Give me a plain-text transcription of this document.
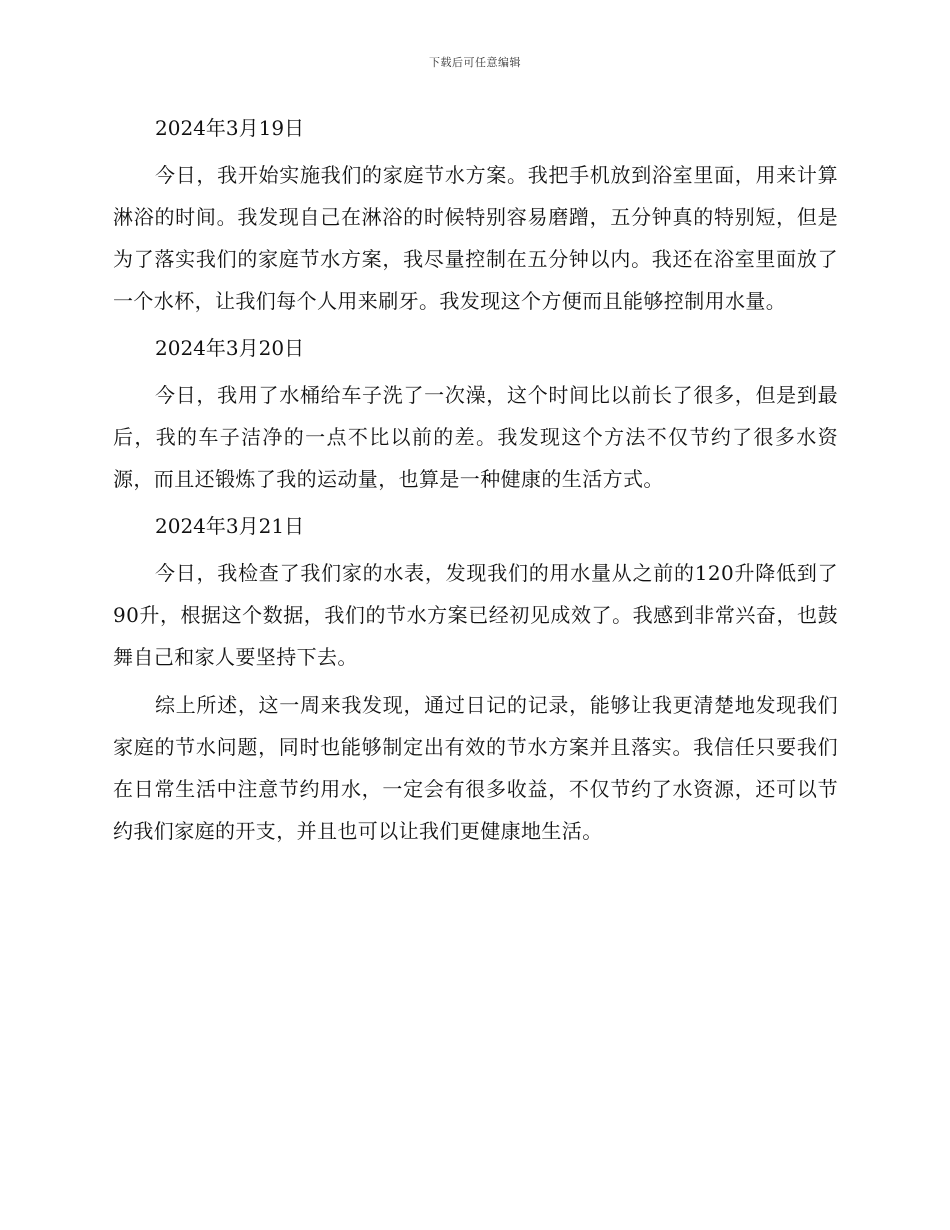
下载后可任意编辑
2024年3月19日

今日，我开始实施我们的家庭节水方案。我把手机放到浴室里面，用来计算淋浴的时间。我发现自己在淋浴的时候特别容易磨蹭，五分钟真的特别短，但是为了落实我们的家庭节水方案，我尽量控制在五分钟以内。我还在浴室里面放了一个水杯，让我们每个人用来刷牙。我发现这个方便而且能够控制用水量。

2024年3月20日

今日，我用了水桶给车子洗了一次澡，这个时间比以前长了很多，但是到最后，我的车子洁净的一点不比以前的差。我发现这个方法不仅节约了很多水资源，而且还锻炼了我的运动量，也算是一种健康的生活方式。

2024年3月21日

今日，我检查了我们家的水表，发现我们的用水量从之前的120升降低到了90升，根据这个数据，我们的节水方案已经初见成效了。我感到非常兴奋，也鼓舞自己和家人要坚持下去。

综上所述，这一周来我发现，通过日记的记录，能够让我更清楚地发现我们家庭的节水问题，同时也能够制定出有效的节水方案并且落实。我信任只要我们在日常生活中注意节约用水，一定会有很多收益，不仅节约了水资源，还可以节约我们家庭的开支，并且也可以让我们更健康地生活。
